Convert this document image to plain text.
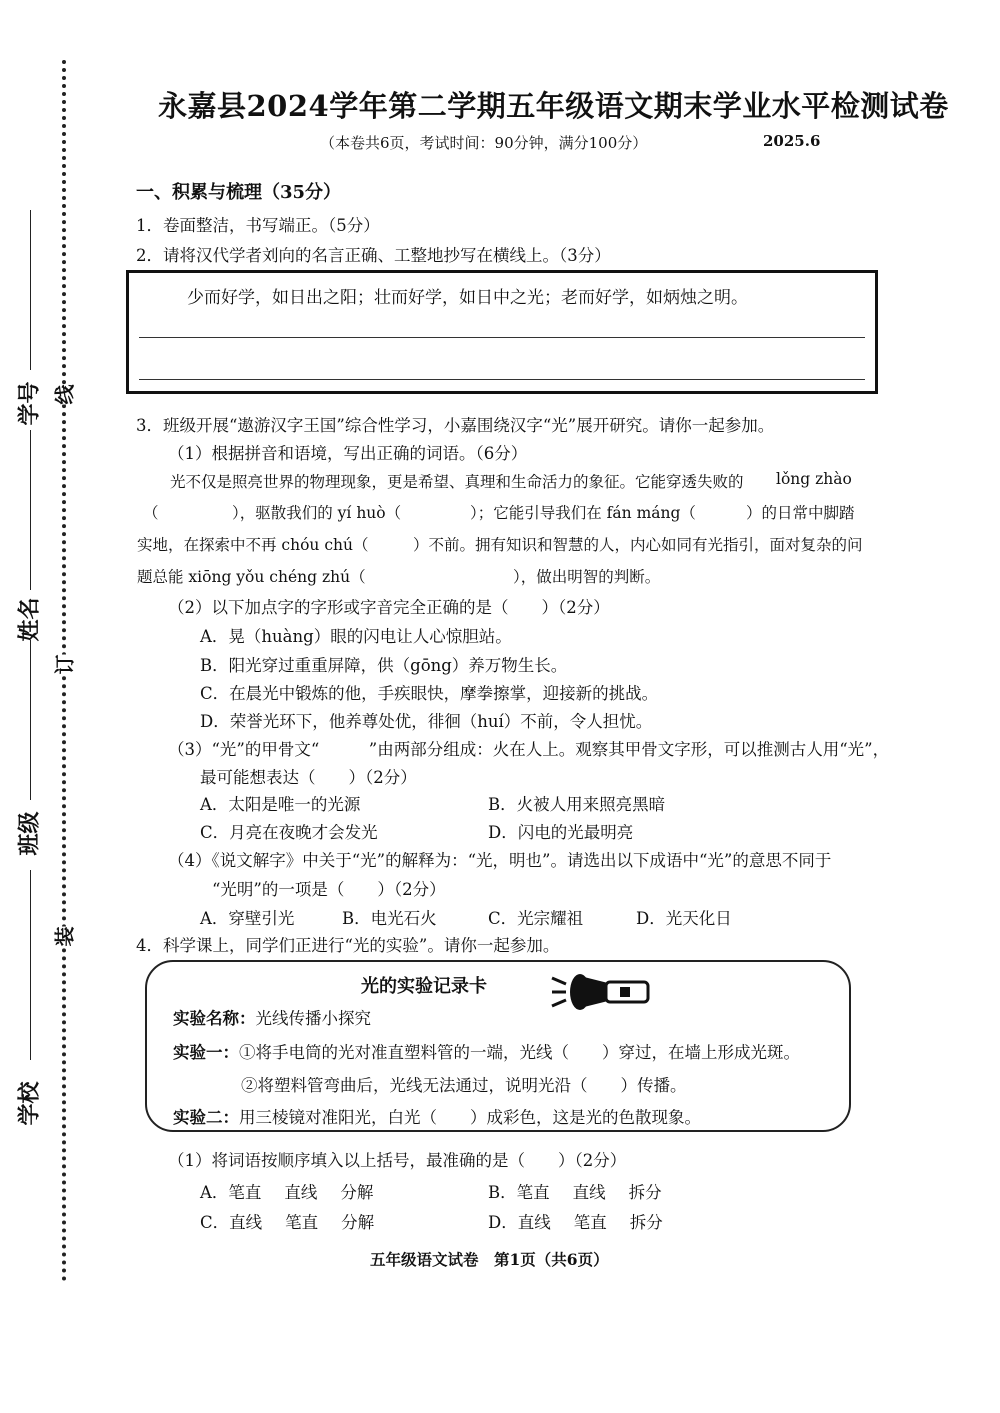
学号 线
姓名
订
班级
装
学校
永嘉县2024学年第二学期五年级语文期末学业水平检测试卷
（本卷共6页，考试时间：90分钟，满分100分）	2025.6
一、积累与梳理（35分）
1．卷面整洁，书写端正。（5分）
2．请将汉代学者刘向的名言正确、工整地抄写在横线上。（3分）
少而好学，如日出之阳；壮而好学，如日中之光；老而好学，如炳烛之明。
3．班级开展“遨游汉字王国”综合性学习，小嘉围绕汉字“光”展开研究。请你一起参加。
（1）根据拼音和语境，写出正确的词语。（6分）
光不仅是照亮世界的物理现象，更是希望、真理和生命活力的象征。它能穿透失败的 lǒng zhào
（	），驱散我们的 yí huò（	）；它能引导我们在 fán máng（	）的日常中脚踏
实地，在探索中不再 chóu chú（	）不前。拥有知识和智慧的人，内心如同有光指引，面对复杂的问
题总能 xiōng yǒu chéng zhú（	），做出明智的判断。
（2）以下加点字的字形或字音完全正确的是（　　）（2分）
A．晃（huàng）眼的闪电让人心惊胆站。
B．阳光穿过重重屏障，供（gōng）养万物生长。
C．在晨光中锻炼的他，手疾眼快，摩拳擦掌，迎接新的挑战。
D．荣誉光环下，他养尊处优，徘徊（huí）不前，令人担忧。
（3）“光”的甲骨文“　　　”由两部分组成：火在人上。观察其甲骨文字形，可以推测古人用“光”，
最可能想表达（　　）（2分）
A．太阳是唯一的光源	B．火被人用来照亮黑暗
C．月亮在夜晚才会发光	D．闪电的光最明亮
（4）《说文解字》中关于“光”的解释为：“光，明也”。请选出以下成语中“光”的意思不同于
“光明”的一项是（　　）（2分）
A．穿壁引光	B．电光石火	C．光宗耀祖	D．光天化日
4．科学课上，同学们正进行“光的实验”。请你一起参加。
光的实验记录卡
实验名称：光线传播小探究
实验一：①将手电筒的光对准直塑料管的一端，光线（　　）穿过，在墙上形成光斑。
②将塑料管弯曲后，光线无法通过，说明光沿（　　）传播。
实验二：用三棱镜对准阳光，白光（　　）成彩色，这是光的色散现象。
（1）将词语按顺序填入以上括号，最准确的是（　　）（2分）
A．笔直 直线 分解	B．笔直 直线 拆分
C．直线 笔直 分解	D．直线 笔直 拆分
五年级语文试卷　第1页（共6页）
